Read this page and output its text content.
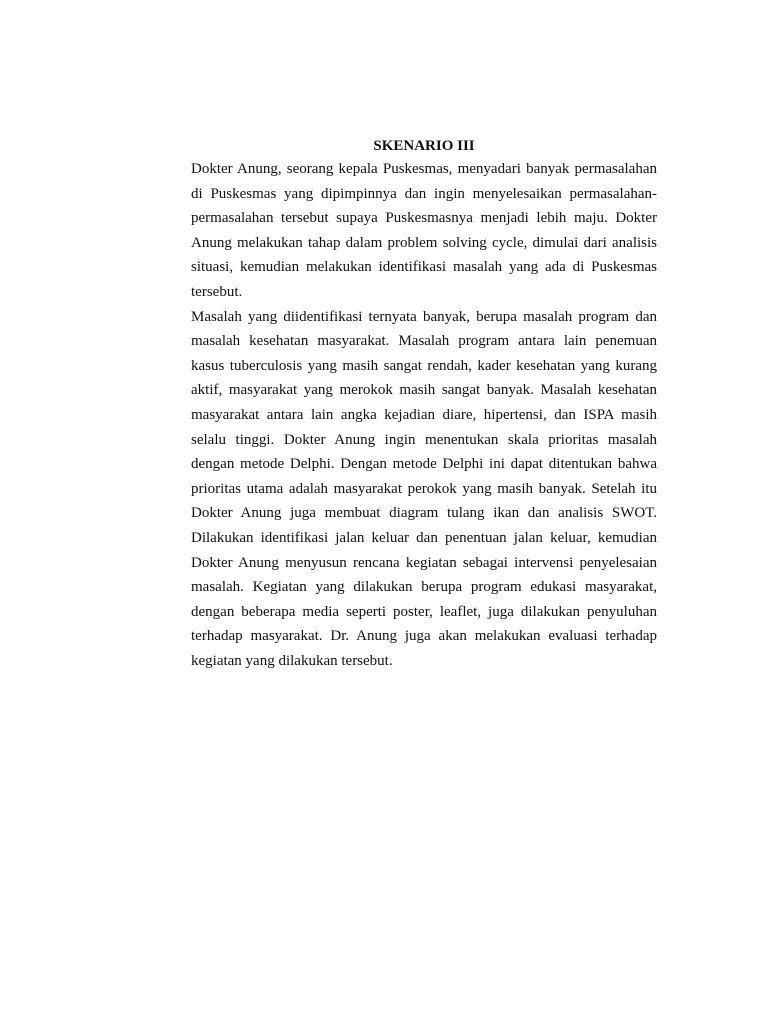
SKENARIO III

Dokter Anung, seorang kepala Puskesmas, menyadari banyak permasalahan di Puskesmas yang dipimpinnya dan ingin menyelesaikan permasalahan-permasalahan tersebut supaya Puskesmasnya menjadi lebih maju. Dokter Anung melakukan tahap dalam problem solving cycle, dimulai dari analisis situasi, kemudian melakukan identifikasi masalah yang ada di Puskesmas tersebut.

Masalah yang diidentifikasi ternyata banyak, berupa masalah program dan masalah kesehatan masyarakat. Masalah program antara lain penemuan kasus tuberculosis yang masih sangat rendah, kader kesehatan yang kurang aktif, masyarakat yang merokok masih sangat banyak. Masalah kesehatan masyarakat antara lain angka kejadian diare, hipertensi, dan ISPA masih selalu tinggi. Dokter Anung ingin menentukan skala prioritas masalah dengan metode Delphi. Dengan metode Delphi ini dapat ditentukan bahwa prioritas utama adalah masyarakat perokok yang masih banyak. Setelah itu Dokter Anung juga membuat diagram tulang ikan dan analisis SWOT. Dilakukan identifikasi jalan keluar dan penentuan jalan keluar, kemudian Dokter Anung menyusun rencana kegiatan sebagai intervensi penyelesaian masalah. Kegiatan yang dilakukan berupa program edukasi masyarakat, dengan beberapa media seperti poster, leaflet, juga dilakukan penyuluhan terhadap masyarakat. Dr. Anung juga akan melakukan evaluasi terhadap kegiatan yang dilakukan tersebut.
